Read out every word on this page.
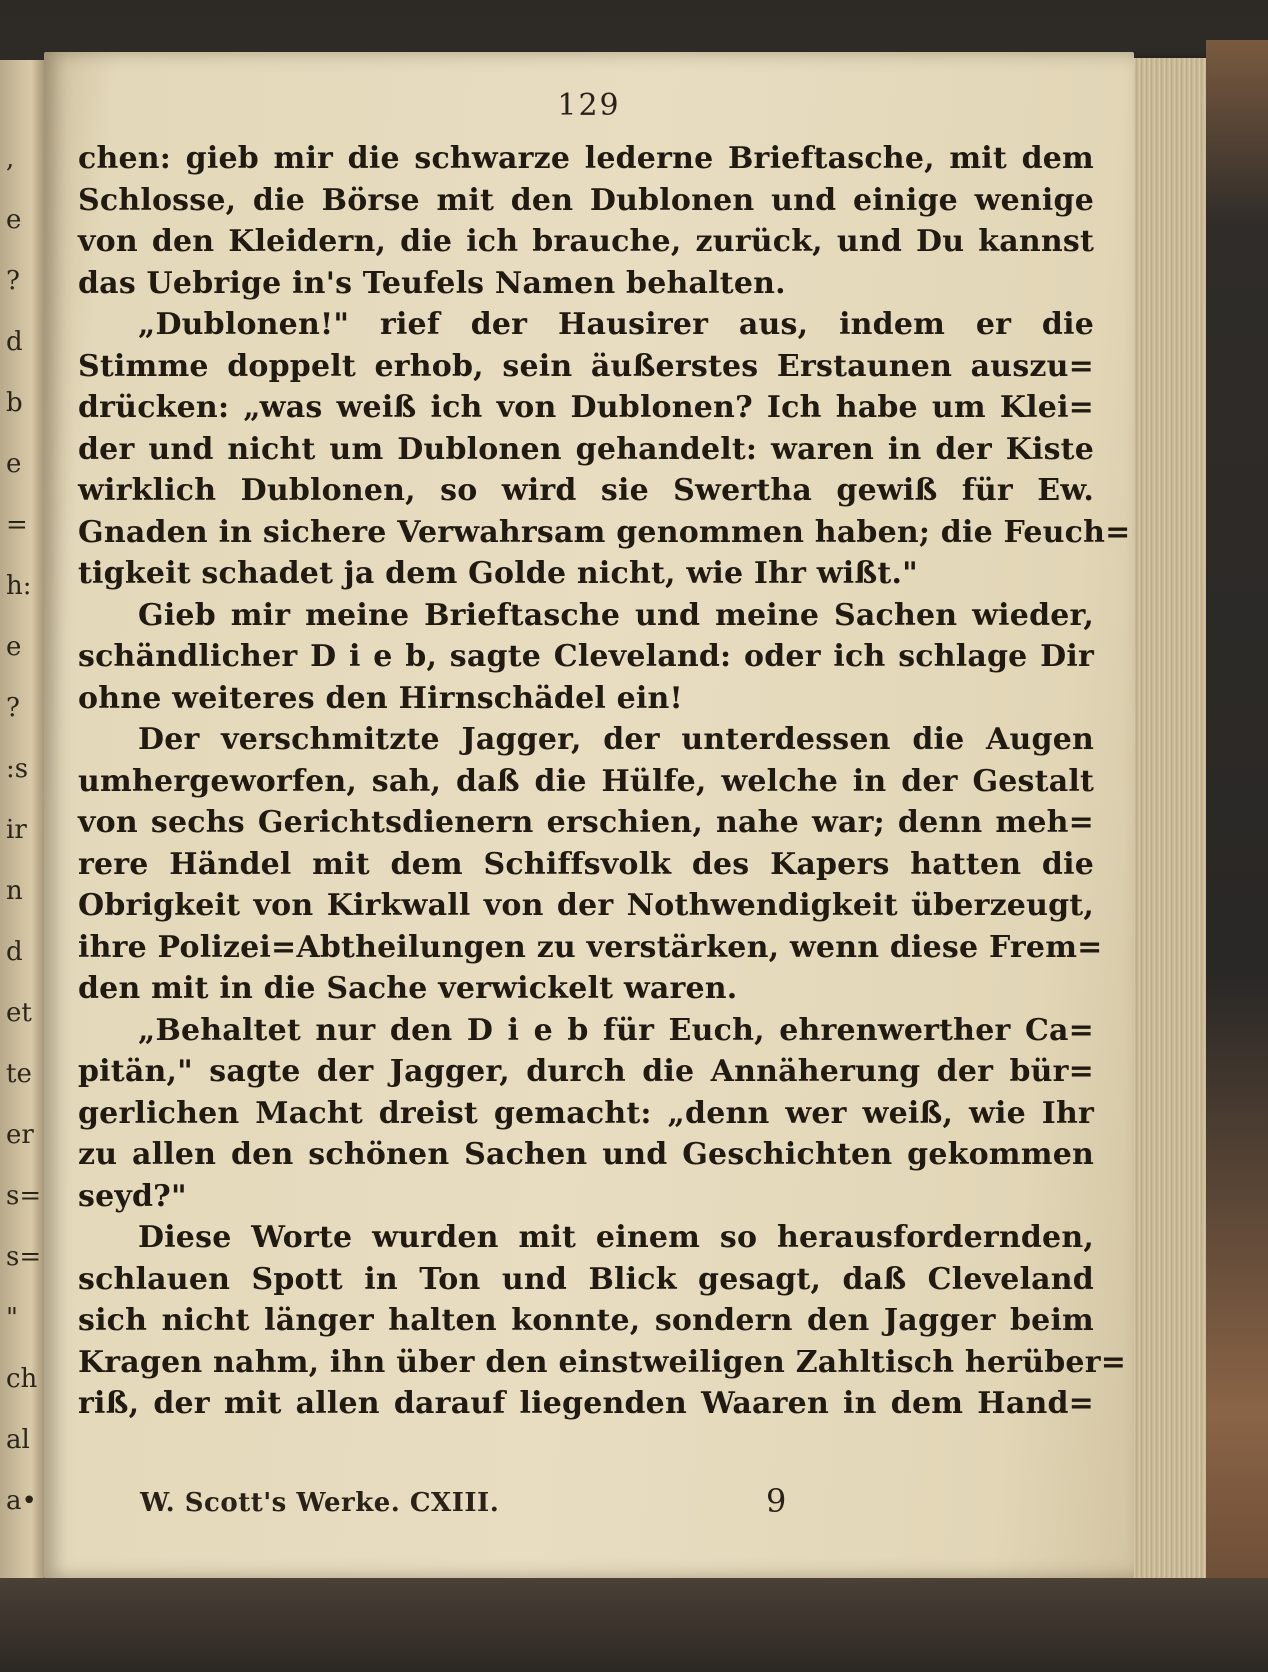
,
e
?
d
b
e
=
h:
e
?
:s
ir
n
d
et
te
er
s=
s=
"
ch
al
a•
129
chen: gieb mir die schwarze lederne Brieftasche, mit dem
Schlosse, die Börse mit den Dublonen und einige wenige
von den Kleidern, die ich brauche, zurück, und Du kannst
das Uebrige in's Teufels Namen behalten.
„Dublonen!" rief der Hausirer aus, indem er die
Stimme doppelt erhob, sein äußerstes Erstaunen auszu=
drücken: „was weiß ich von Dublonen? Ich habe um Klei=
der und nicht um Dublonen gehandelt: waren in der Kiste
wirklich Dublonen, so wird sie Swertha gewiß für Ew.
Gnaden in sichere Verwahrsam genommen haben; die Feuch=
tigkeit schadet ja dem Golde nicht, wie Ihr wißt."
Gieb mir meine Brieftasche und meine Sachen wieder,
schändlicher D i e b, sagte Cleveland: oder ich schlage Dir
ohne weiteres den Hirnschädel ein!
Der verschmitzte Jagger, der unterdessen die Augen
umhergeworfen, sah, daß die Hülfe, welche in der Gestalt
von sechs Gerichtsdienern erschien, nahe war; denn meh=
rere Händel mit dem Schiffsvolk des Kapers hatten die
Obrigkeit von Kirkwall von der Nothwendigkeit überzeugt,
ihre Polizei=Abtheilungen zu verstärken, wenn diese Frem=
den mit in die Sache verwickelt waren.
„Behaltet nur den D i e b für Euch, ehrenwerther Ca=
pitän," sagte der Jagger, durch die Annäherung der bür=
gerlichen Macht dreist gemacht: „denn wer weiß, wie Ihr
zu allen den schönen Sachen und Geschichten gekommen
seyd?"
Diese Worte wurden mit einem so herausfordernden,
schlauen Spott in Ton und Blick gesagt, daß Cleveland
sich nicht länger halten konnte, sondern den Jagger beim
Kragen nahm, ihn über den einstweiligen Zahltisch herüber=
riß, der mit allen darauf liegenden Waaren in dem Hand=
W. Scott's Werke. CXIII.	9
